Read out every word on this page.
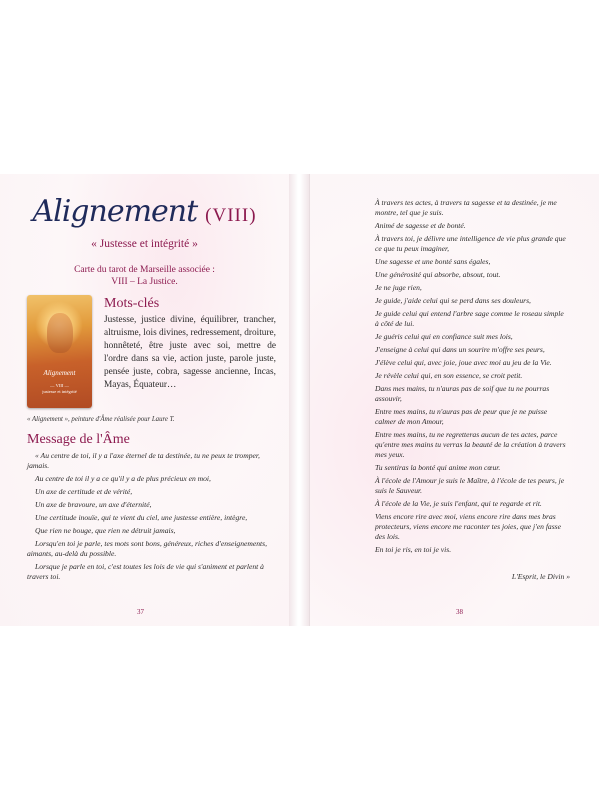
Alignement (VIII)
« Justesse et intégrité »
Carte du tarot de Marseille associée :
VIII – La Justice.
Alignement
— VIII —
justesse et intégrité
Mots-clés
Justesse, justice divine, équilibrer, trancher, altruisme, lois divines, redressement, droiture, honnêteté, être juste avec soi, mettre de l'ordre dans sa vie, action juste, parole juste, pensée juste, cobra, sagesse ancienne, Incas, Mayas, Équateur…
« Alignement », peinture d'Âme réalisée pour Laure T.
Message de l'Âme

« Au centre de toi, il y a l'axe éternel de ta destinée, tu ne peux te tromper, jamais.

Au centre de toi il y a ce qu'il y a de plus précieux en moi,

Un axe de certitude et de vérité,

Un axe de bravoure, un axe d'éternité,

Une certitude inouïe, qui te vient du ciel, une justesse entière, intègre,

Que rien ne bouge, que rien ne détruit jamais,

Lorsqu'en toi je parle, tes mots sont bons, généreux, riches d'enseignements, aimants, au-delà du possible.

Lorsque je parle en toi, c'est toutes les lois de vie qui s'animent et parlent à travers toi.

37

À travers tes actes, à travers ta sagesse et ta destinée, je me montre, tel que je suis.

Animé de sagesse et de bonté.

À travers toi, je délivre une intelligence de vie plus grande que ce que tu peux imaginer,

Une sagesse et une bonté sans égales,

Une générosité qui absorbe, absout, tout.

Je ne juge rien,

Je guide, j'aide celui qui se perd dans ses douleurs,

Je guide celui qui entend l'arbre sage comme le roseau simple à côté de lui.

Je guéris celui qui en confiance suit mes lois,

J'enseigne à celui qui dans un sourire m'offre ses peurs,

J'élève celui qui, avec joie, joue avec moi au jeu de la Vie.

Je révèle celui qui, en son essence, se croit petit.

Dans mes mains, tu n'auras pas de soif que tu ne pourras assouvir,

Entre mes mains, tu n'auras pas de peur que je ne puisse calmer de mon Amour,

Entre mes mains, tu ne regretteras aucun de tes actes, parce qu'entre mes mains tu verras la beauté de la création à travers mes yeux.

Tu sentiras la bonté qui anime mon cœur.

À l'école de l'Amour je suis le Maître, à l'école de tes peurs, je suis le Sauveur.

À l'école de la Vie, je suis l'enfant, qui te regarde et rit.

Viens encore rire avec moi, viens encore rire dans mes bras protecteurs, viens encore me raconter tes joies, que j'en fasse des lois.

En toi je ris, en toi je vis.

L'Esprit, le Divin »
38
